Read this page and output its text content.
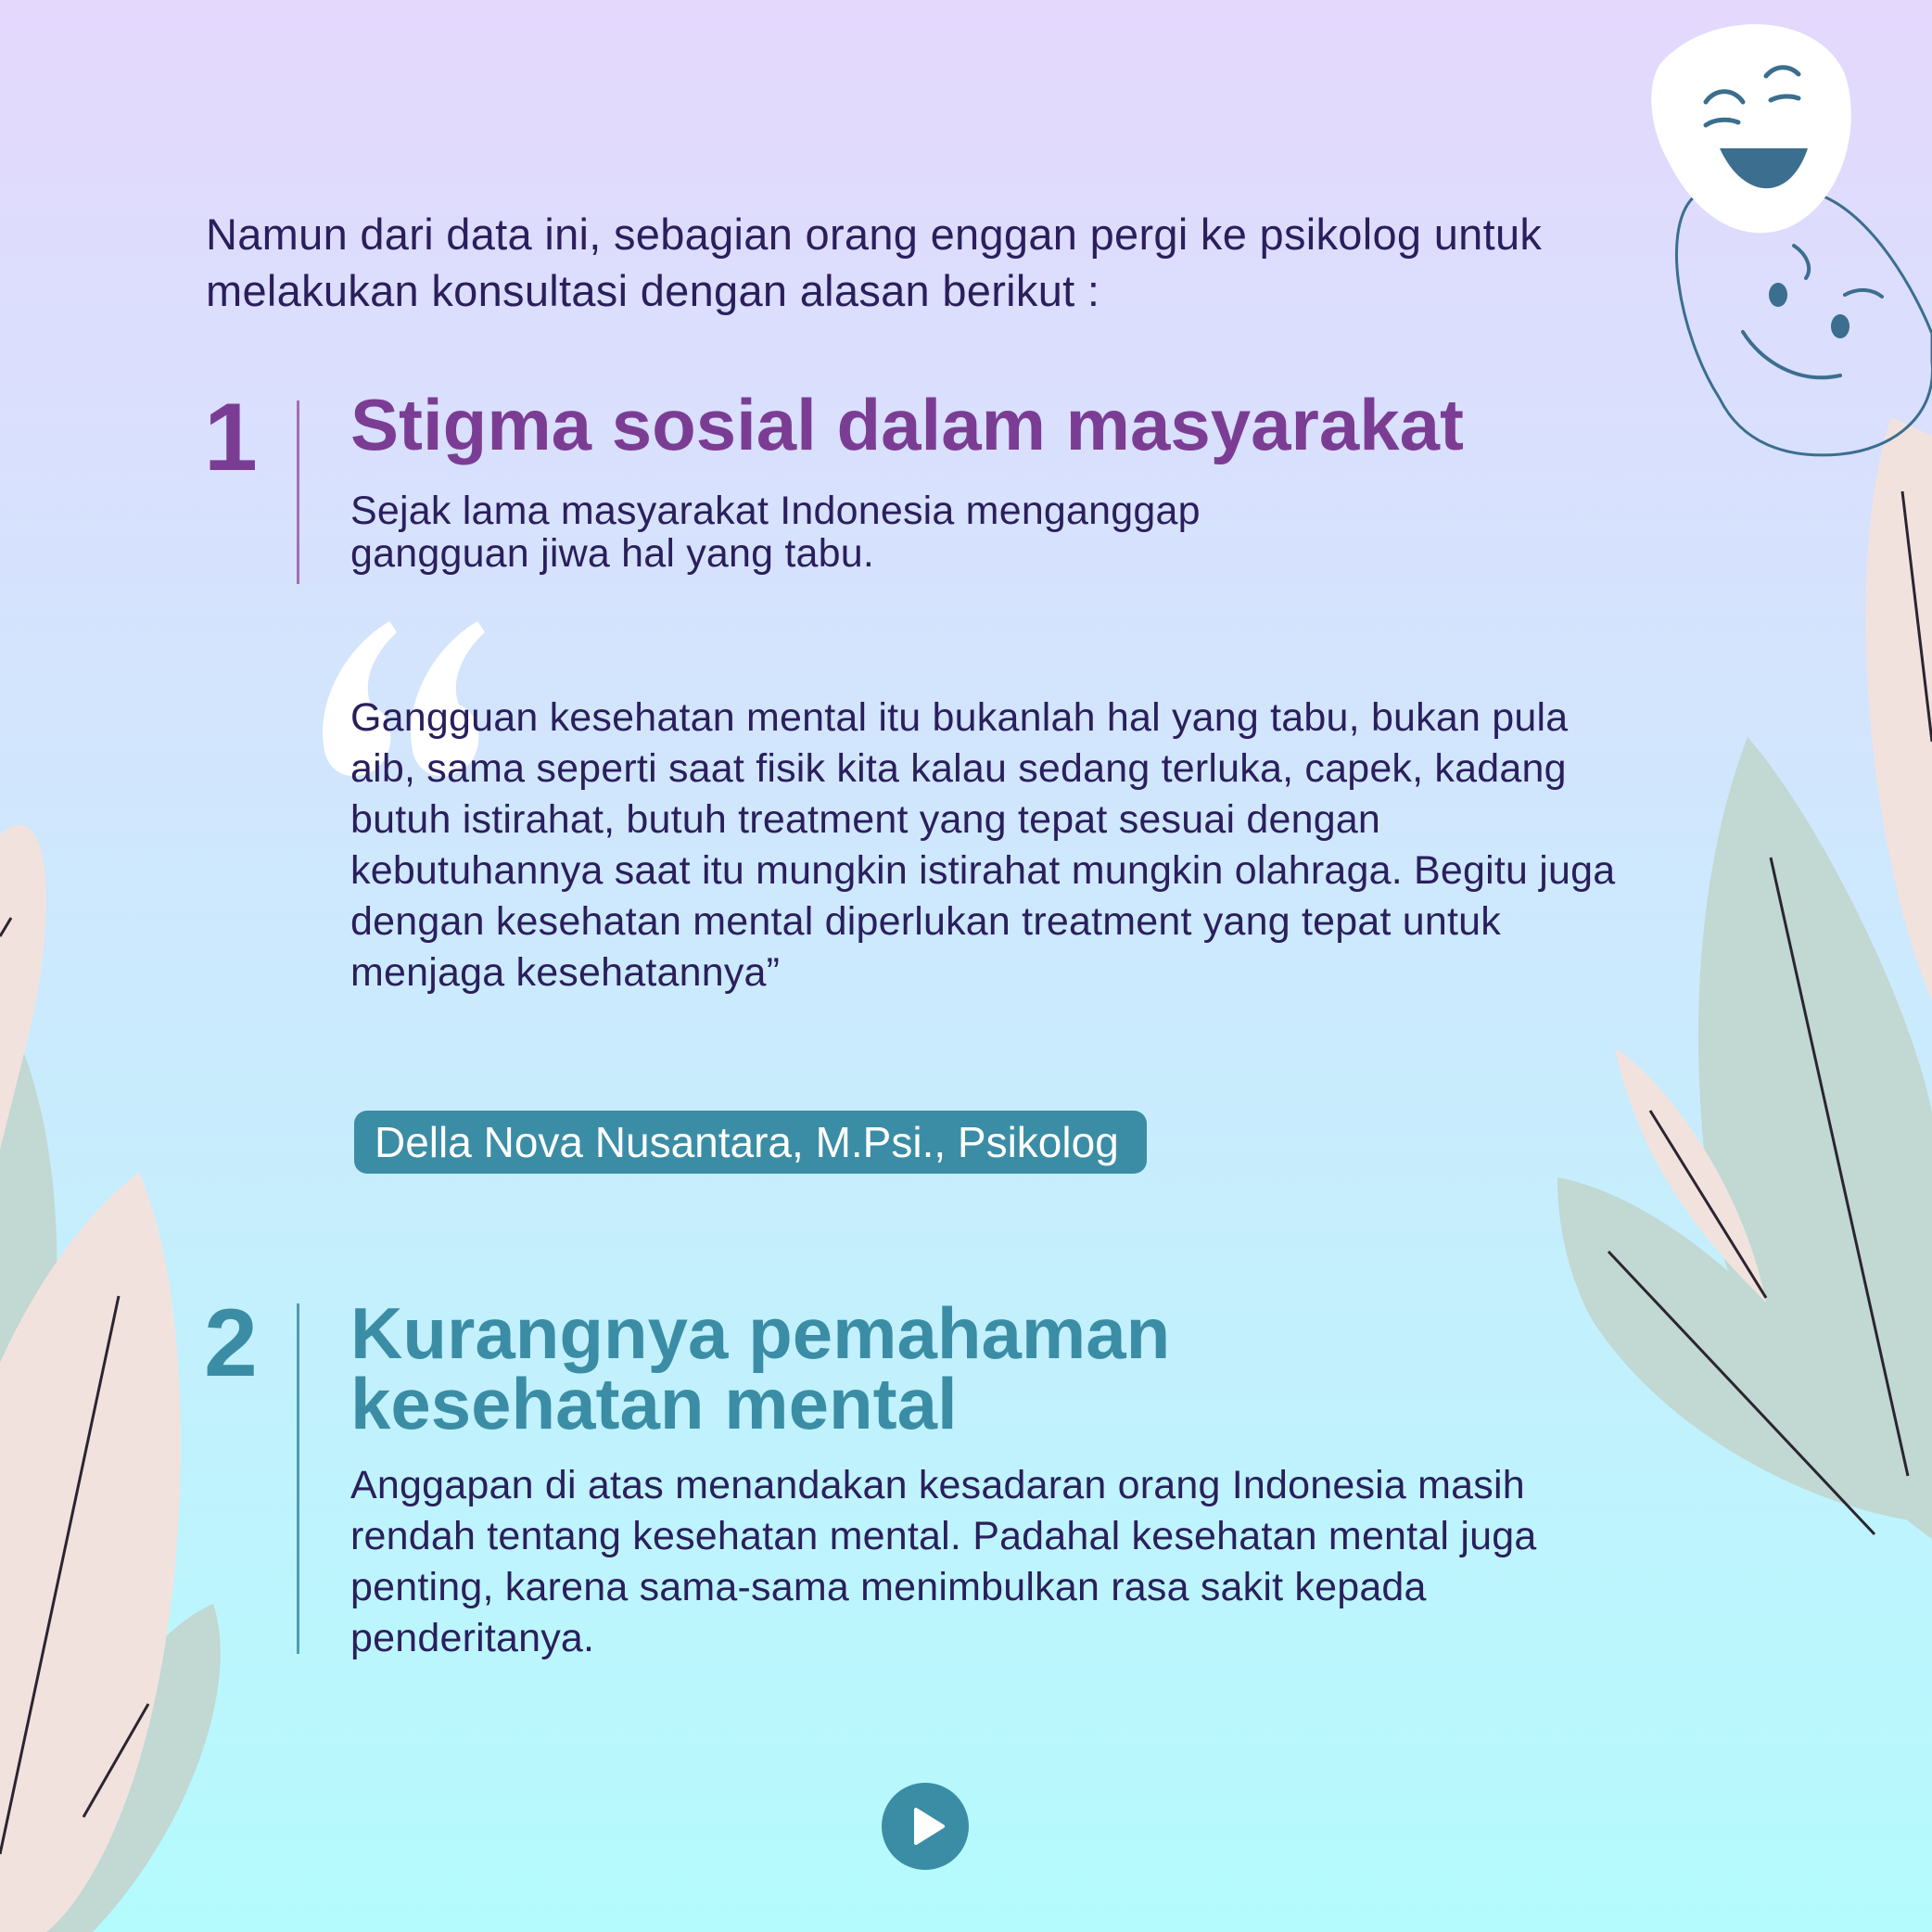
Namun dari data ini, sebagian orang enggan pergi ke psikolog untuk melakukan konsultasi dengan alasan berikut :

1 Stigma sosial dalam masyarakat

Sejak lama masyarakat Indonesia menganggap gangguan jiwa hal yang tabu.

Gangguan kesehatan mental itu bukanlah hal yang tabu, bukan pula aib, sama seperti saat fisik kita kalau sedang terluka, capek, kadang butuh istirahat, butuh treatment yang tepat sesuai dengan kebutuhannya saat itu mungkin istirahat mungkin olahraga. Begitu juga dengan kesehatan mental diperlukan treatment yang tepat untuk menjaga kesehatannya”

Della Nova Nusantara, M.Psi., Psikolog
2 Kurangnya pemahaman
kesehatan mental

Anggapan di atas menandakan kesadaran orang Indonesia masih rendah tentang kesehatan mental. Padahal kesehatan mental juga penting, karena sama-sama menimbulkan rasa sakit kepada penderitanya.
